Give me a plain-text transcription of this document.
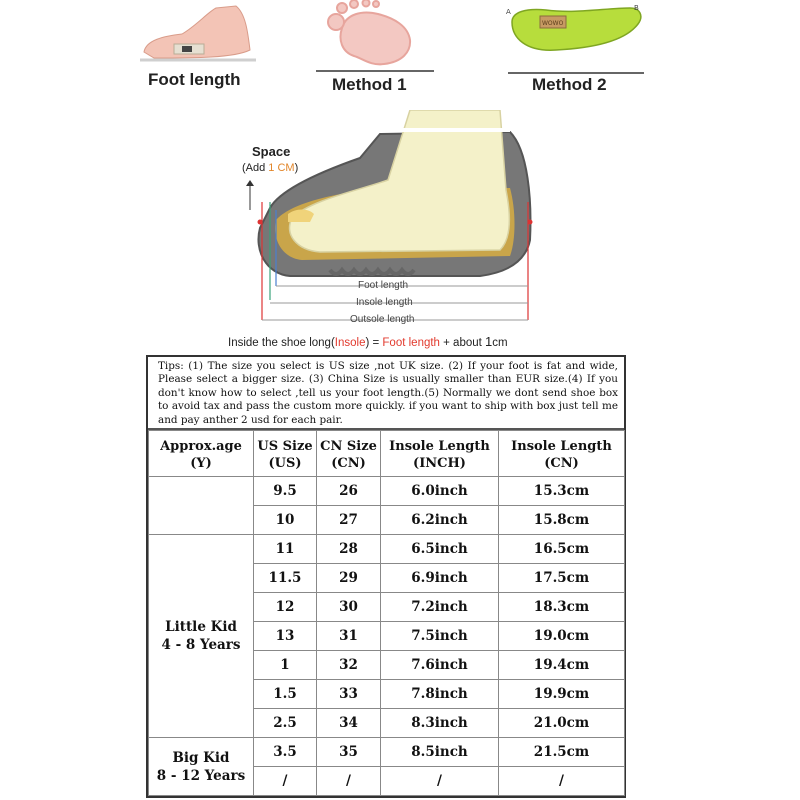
Foot length	Method 1
WOWO
A	B
Method 2
Space
(Add 1 CM)
Foot length
Insole length
Outsole length
Inside the shoe long(Insole) = Foot length + about 1cm

Tips: (1) The size you select is US size ,not UK size. (2) If your foot is fat and wide, Please select a bigger size. (3) China Size is usually smaller than EUR size.(4) If you don't know how to select ,tell us your foot length.(5) Normally we dont send shoe box to avoid tax and pass the custom more quickly. if you want to ship with box just tell me and pay anther 2 usd for each pair.

Approx.age (Y)	US Size (US)	CN Size (CN)	Insole Length (INCH)	Insole Length (CN)
	9.5	26	6.0inch	15.3cm
	10	27	6.2inch	15.8cm
Little Kid
4 - 8 Years	11	28	6.5inch	16.5cm
	11.5	29	6.9inch	17.5cm
	12	30	7.2inch	18.3cm
	13	31	7.5inch	19.0cm
	1	32	7.6inch	19.4cm
	1.5	33	7.8inch	19.9cm
	2.5	34	8.3inch	21.0cm
Big Kid
8 - 12 Years	3.5	35	8.5inch	21.5cm
	/	/	/	/
